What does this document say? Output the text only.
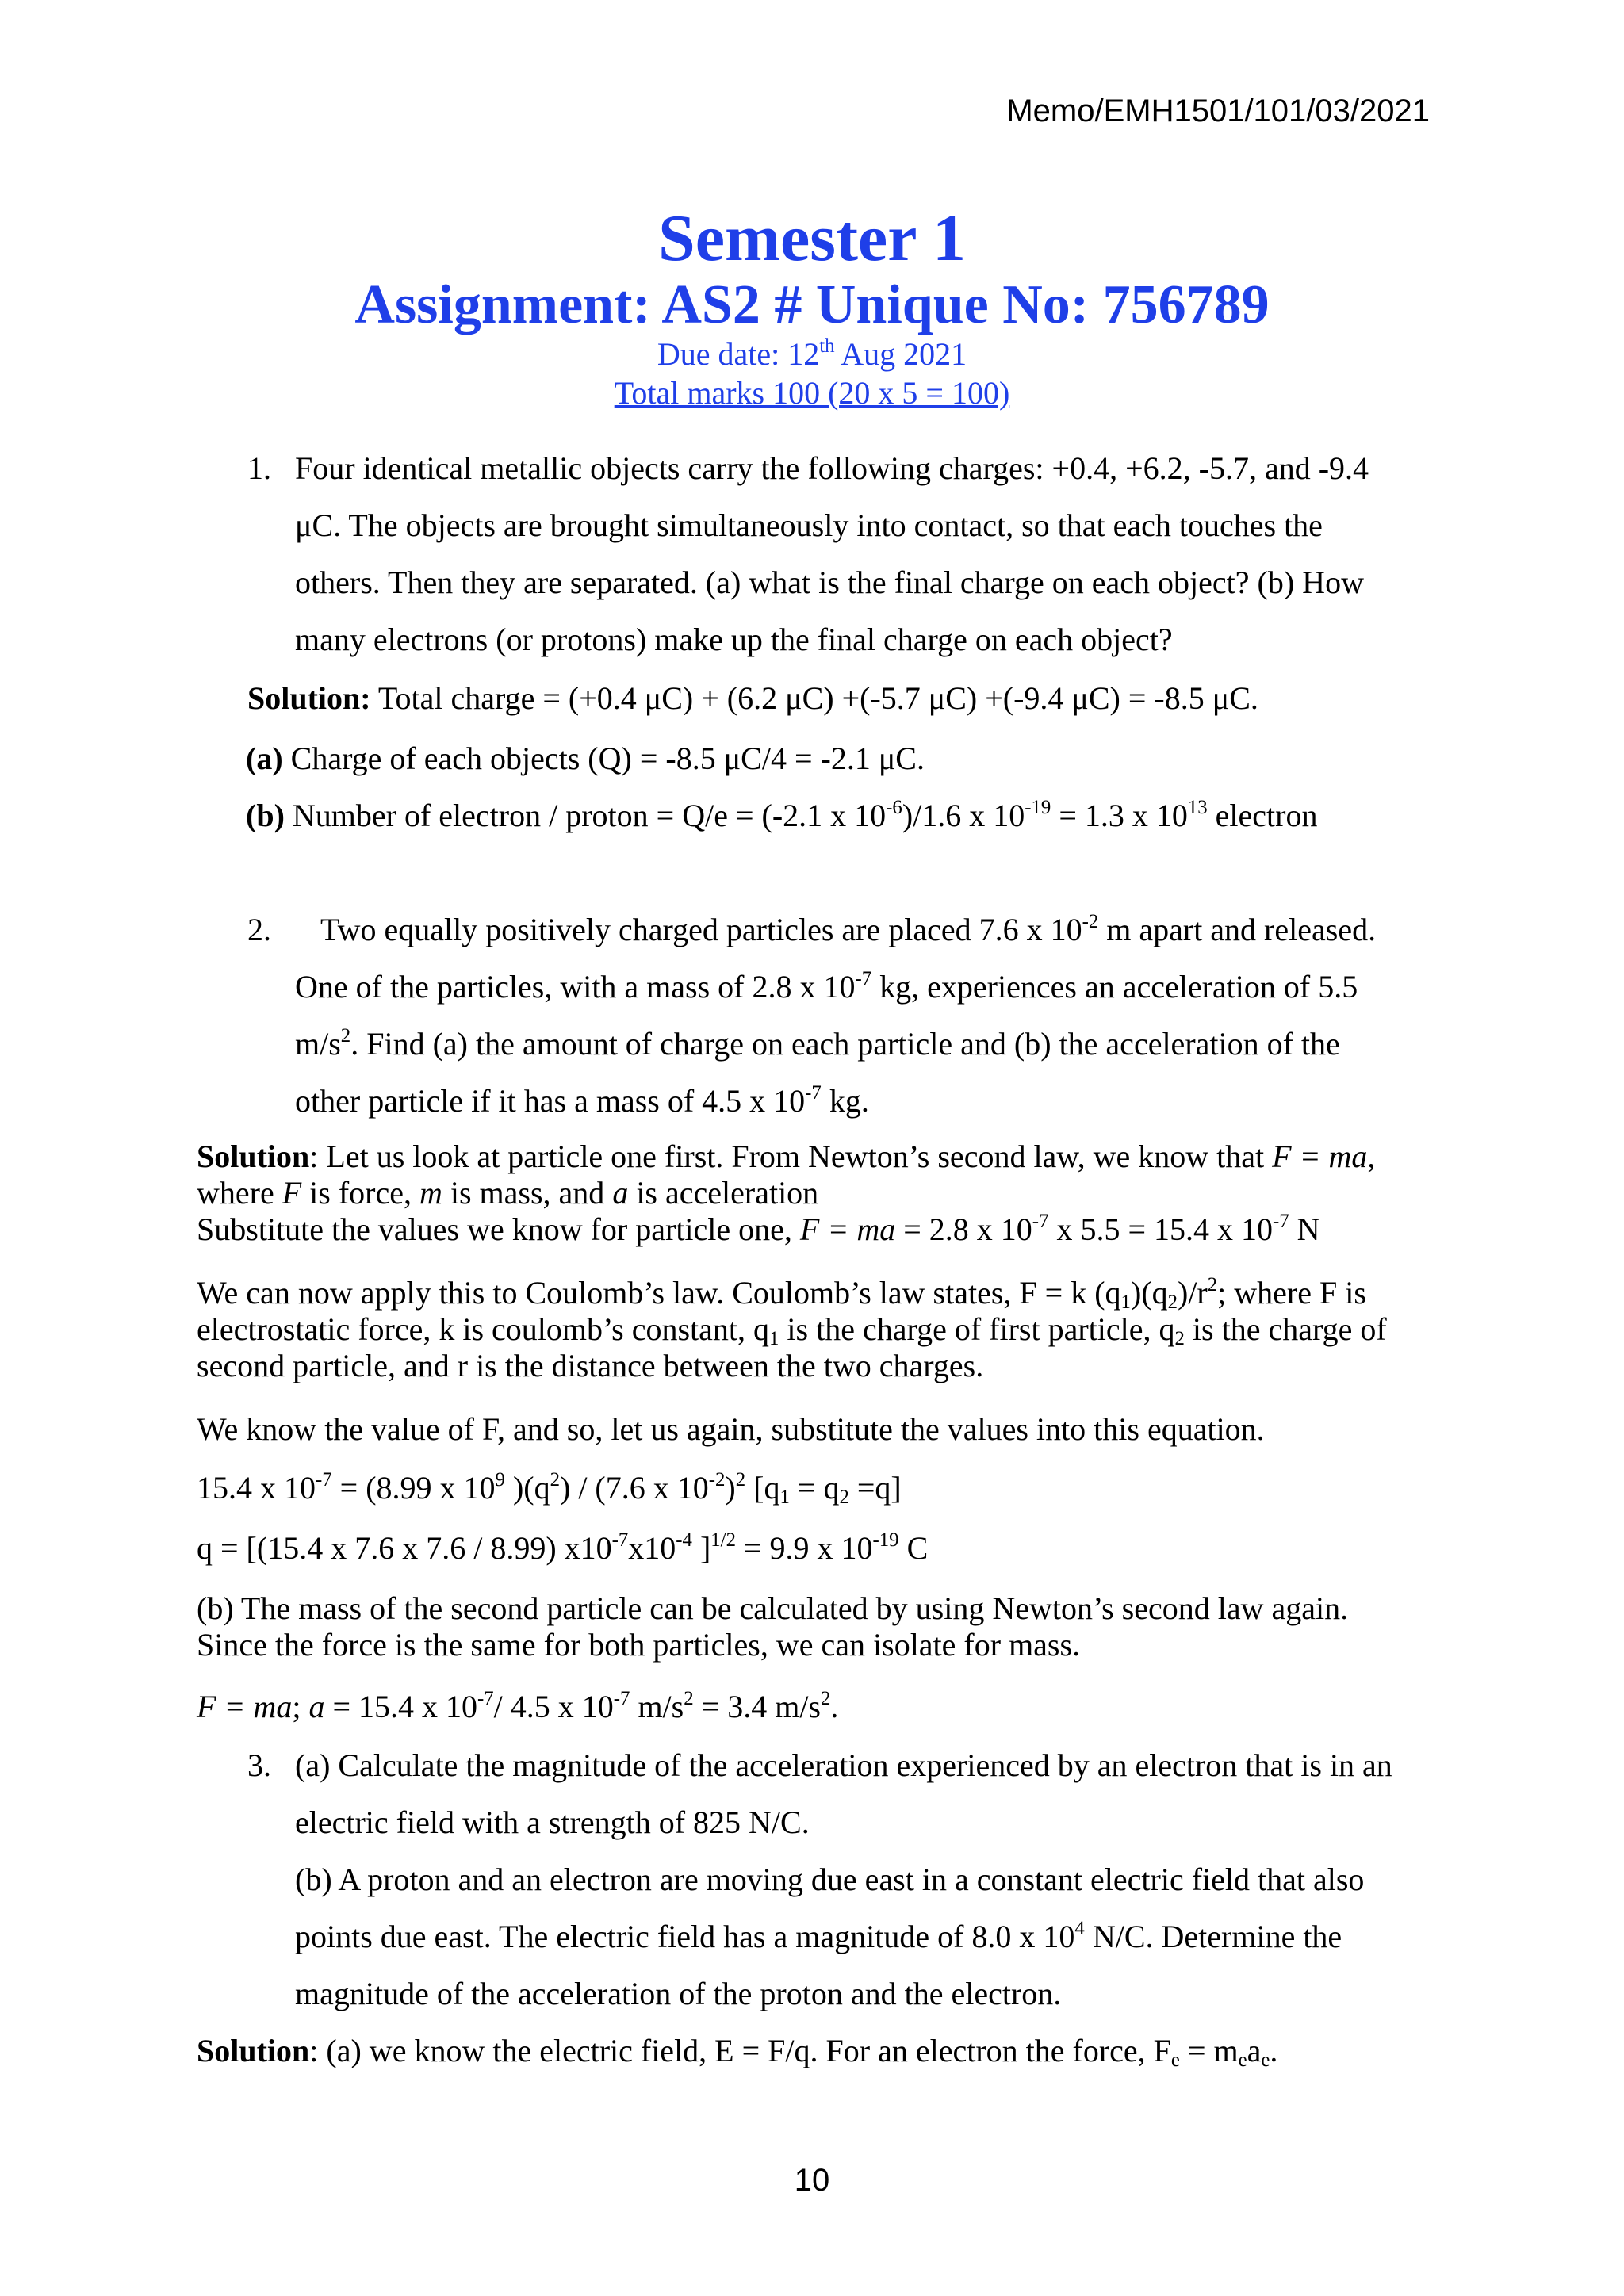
Memo/EMH1501/101/03/2021
Semester 1
Assignment: AS2 # Unique No: 756789
Due date: 12th Aug 2021
Total marks 100 (20 x 5 = 100)
1. Four identical metallic objects carry the following charges: +0.4, +6.2, -5.7, and -9.4
μC. The objects are brought simultaneously into contact, so that each touches the
others. Then they are separated. (a) what is the final charge on each object? (b) How
many electrons (or protons) make up the final charge on each object?
Solution: Total charge = (+0.4 μC) + (6.2 μC) +(-5.7 μC) +(-9.4 μC) = -8.5 μC.
(a) Charge of each objects (Q) = -8.5 μC/4 = -2.1 μC.
(b) Number of electron / proton = Q/e = (-2.1 x $10^{-6})/1.6$ x $10^{-19} = 1.3$ x $10^{13}$ electron
2. Two equally positively charged particles are placed 7.6 x $10^{-2}$ m apart and released.
One of the particles, with a mass of 2.8 x $10^{-7}$ kg, experiences an acceleration of 5.5
$m/s^2$. Find (a) the amount of charge on each particle and (b) the acceleration of the
other particle if it has a mass of 4.5 x $10^{-7}$ kg.
Solution: Let us look at particle one first. From Newton’s second law, we know that F = ma,
where F is force, m is mass, and a is acceleration
Substitute the values we know for particle one, F = ma = 2.8 x $10^{-7}$ x 5.5 = 15.4 x $10^{-7}$ N
We can now apply this to Coulomb’s law. Coulomb’s law states, F = k $(q_1)(q_2)/r^2$; where F is
electrostatic force, k is coulomb’s constant, $q_1$ is the charge of first particle, $q_2$ is the charge of
second particle, and r is the distance between the two charges.
We know the value of F, and so, let us again, substitute the values into this equation.
15.4 x $10^{-7} = (8.99$ x $10^9$ )$(q^2) / (7.6$ x $10^{-2})^2$ $[q_1 = q_2 =q]$
q = [(15.4 x 7.6 x 7.6 / 8.99) $x10^{-7}x10^{-4}$ ]$^{1/2}$ = 9.9 x $10^{-19}$ C
(b) The mass of the second particle can be calculated by using Newton’s second law again.
Since the force is the same for both particles, we can isolate for mass.
F = ma; a = 15.4 x $10^{-7}/$ 4.5 x $10^{-7}$ $m/s^2 = 3.4$ $m/s^2$.
3. (a) Calculate the magnitude of the acceleration experienced by an electron that is in an
electric field with a strength of 825 N/C.
(b) A proton and an electron are moving due east in a constant electric field that also
points due east. The electric field has a magnitude of 8.0 x $10^4$ N/C. Determine the
magnitude of the acceleration of the proton and the electron.
Solution: (a) we know the electric field, E = F/q. For an electron the force, $F_e = m_ea_e$.
10
